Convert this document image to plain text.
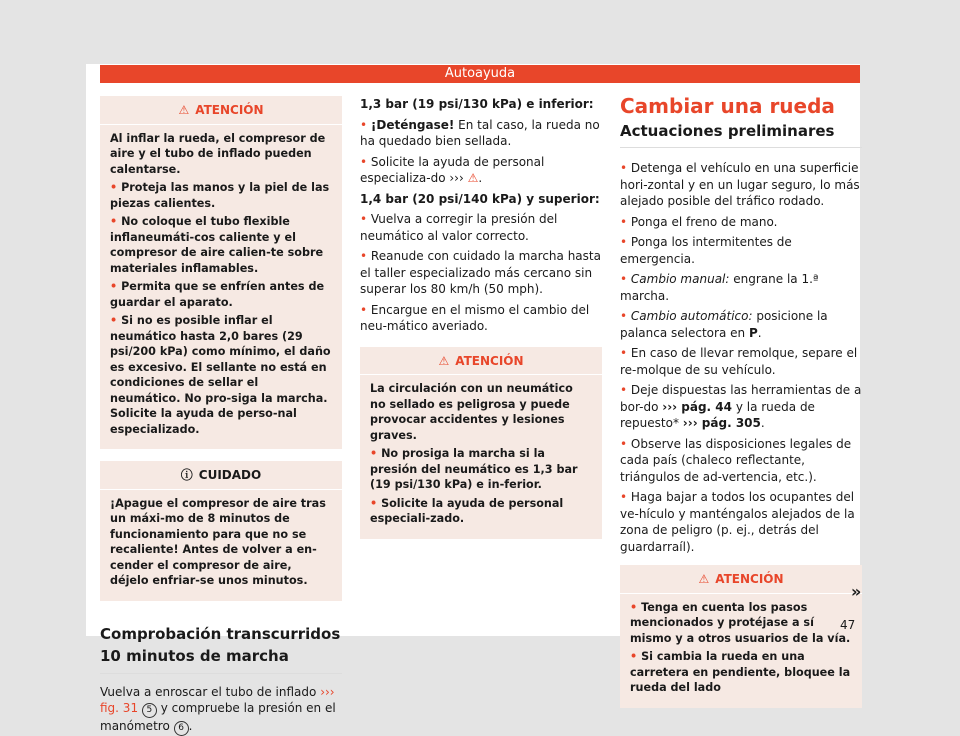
Autoayuda
⚠ ATENCIÓN

Al inflar la rueda, el compresor de aire y el tubo de inflado pueden calentarse.

• Proteja las manos y la piel de las piezas calientes.

• No coloque el tubo flexible inflaneumáti-cos caliente y el compresor de aire calien-te sobre materiales inflamables.

• Permita que se enfríen antes de guardar el aparato.

• Si no es posible inflar el neumático hasta 2,0 bares (29 psi/200 kPa) como mínimo, el daño es excesivo. El sellante no está en condiciones de sellar el neumático. No pro-siga la marcha. Solicite la ayuda de perso-nal especializado.

ⓘ CUIDADO

¡Apague el compresor de aire tras un máxi-mo de 8 minutos de funcionamiento para que no se recaliente! Antes de volver a en-cender el compresor de aire, déjelo enfriar-se unos minutos.

Comprobación transcurridos 10 minutos de marcha
Vuelva a enroscar el tubo de inflado ››› fig. 31 5 y compruebe la presión en el manómetro 6 .

1,3 bar (19 psi/130 kPa) e inferior:

• ¡Deténgase! En tal caso, la rueda no ha quedado bien sellada.

• Solicite la ayuda de personal especializa-do ››› ⚠.

1,4 bar (20 psi/140 kPa) y superior:

• Vuelva a corregir la presión del neumático al valor correcto.

• Reanude con cuidado la marcha hasta el taller especializado más cercano sin superar los 80 km/h (50 mph).

• Encargue en el mismo el cambio del neu-mático averiado.

⚠ ATENCIÓN

La circulación con un neumático no sellado es peligrosa y puede provocar accidentes y lesiones graves.

• No prosiga la marcha si la presión del neumático es 1,3 bar (19 psi/130 kPa) e in-ferior.

• Solicite la ayuda de personal especiali-zado.

Cambiar una rueda
Actuaciones preliminares

• Detenga el vehículo en una superficie hori-zontal y en un lugar seguro, lo más alejado posible del tráfico rodado.

• Ponga el freno de mano.

• Ponga los intermitentes de emergencia.

• Cambio manual: engrane la 1.ª marcha.

• Cambio automático: posicione la palanca selectora en P.

• En caso de llevar remolque, separe el re-molque de su vehículo.

• Deje dispuestas las herramientas de a bor-do ››› pág. 44 y la rueda de repuesto* ››› pág. 305.

• Observe las disposiciones legales de cada país (chaleco reflectante, triángulos de ad-vertencia, etc.).

• Haga bajar a todos los ocupantes del ve-hículo y manténgalos alejados de la zona de peligro (p. ej., detrás del guardarraíl).

⚠ ATENCIÓN

• Tenga en cuenta los pasos mencionados y protéjase a sí mismo y a otros usuarios de la vía.

• Si cambia la rueda en una carretera en pendiente, bloquee la rueda del lado

»
47
